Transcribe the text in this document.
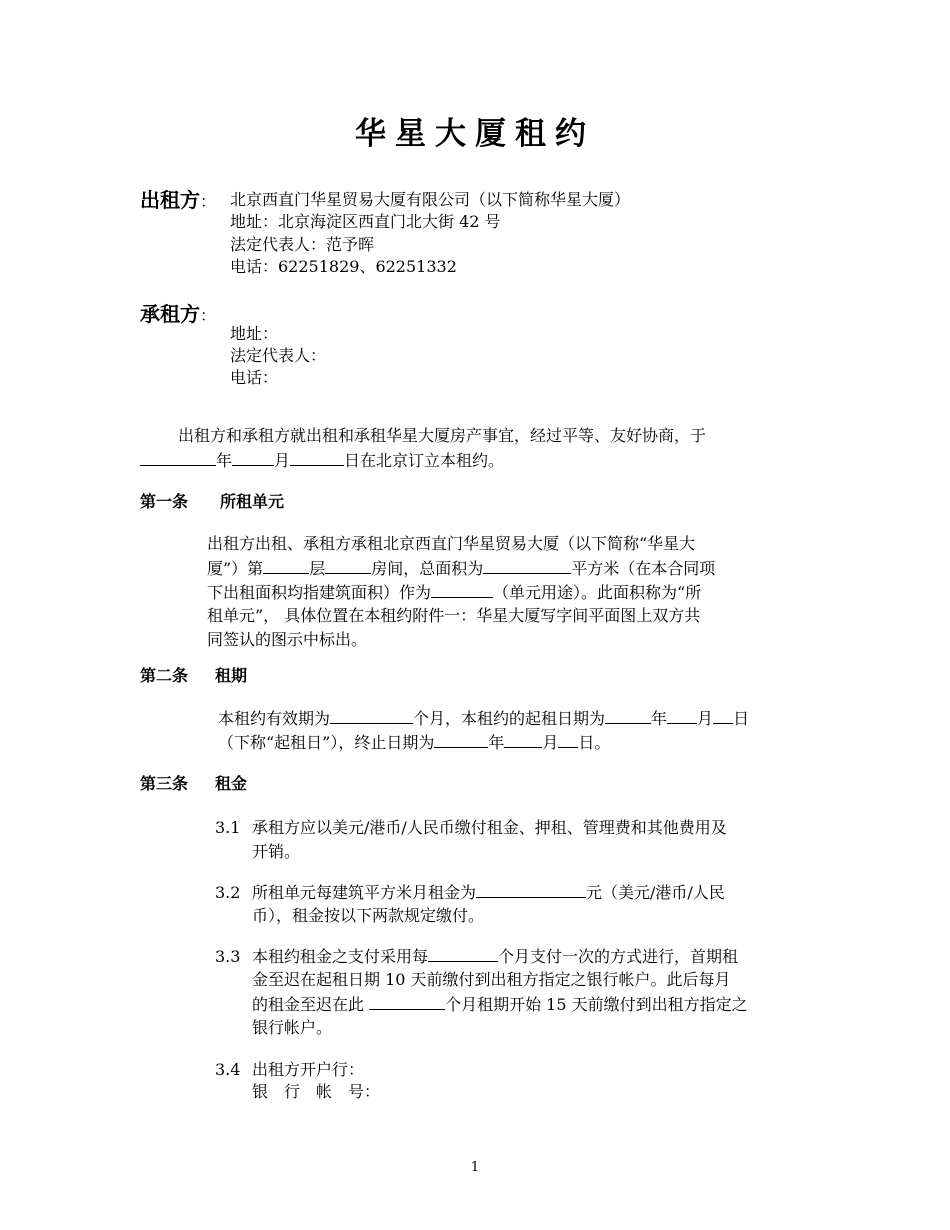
华星大厦租约
出租方： 北京西直门华星贸易大厦有限公司（以下简称华星大厦）
地址：北京海淀区西直门北大街 42 号
法定代表人：范予晖
电话：62251829、62251332
承租方：
地址：
法定代表人：
电话：
出租方和承租方就出租和承租华星大厦房产事宜，经过平等、友好协商，于
年	月	日在北京订立本租约。
第一条 所租单元
出租方出租、承租方承租北京西直门华星贸易大厦（以下简称“华星大
厦”）第	层	房间，总面积为	平方米（在本合同项
下出租面积均指建筑面积）作为	（单元用途）。此面积称为“所
租单元”， 具体位置在本租约附件一：华星大厦写字间平面图上双方共
同签认的图示中标出。
第二条 租期
本租约有效期为	个月，本租约的起租日期为	年 月 日
（下称“起租日”），终止日期为	年 月 日。
第三条 租金
3.1 承租方应以美元/港币/人民币缴付租金、押租、管理费和其他费用及
开销。
3.2 所租单元每建筑平方米月租金为	元（美元/港币/人民
币），租金按以下两款规定缴付。
3.3 本租约租金之支付采用每	个月支付一次的方式进行，首期租
金至迟在起租日期 10 天前缴付到出租方指定之银行帐户。此后每月
的租金至迟在此	个月租期开始 15 天前缴付到出租方指定之
银行帐户。
3.4 出租方开户行：
银　行　帐　号：
1
